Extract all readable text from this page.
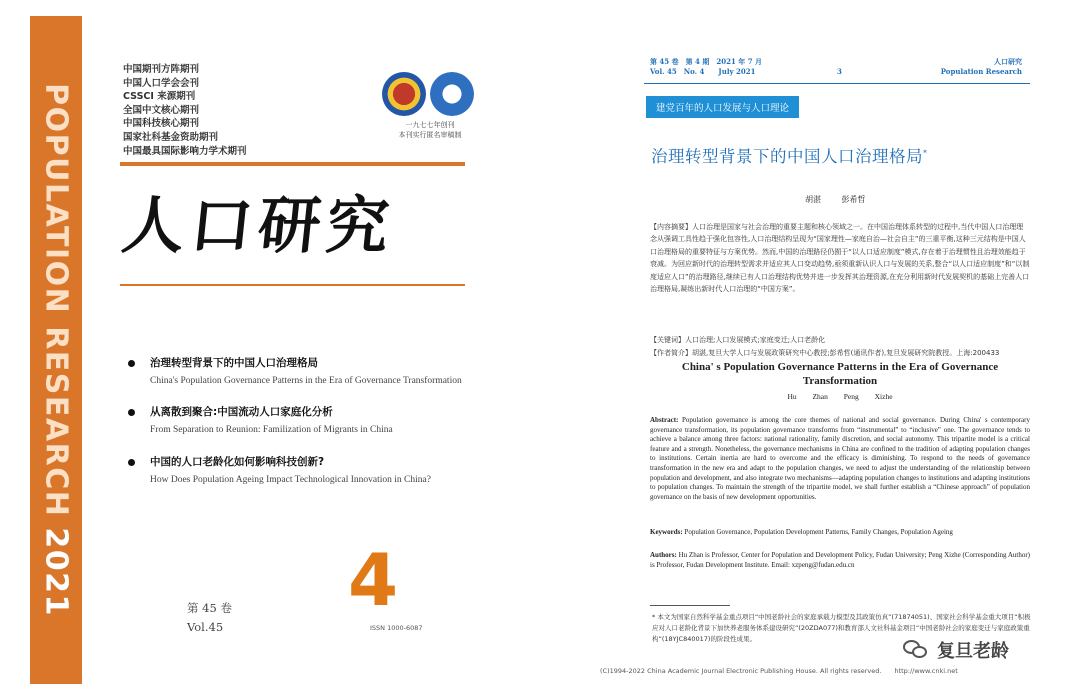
POPULATION RESEARCH2021
中国期刊方阵期刊
中国人口学会会刊
CSSCI 来源期刊
全国中文核心期刊
中国科技核心期刊
国家社科基金资助期刊
中国最具国际影响力学术期刊
一九七七年创刊
本刊实行匿名审稿制
人口研究
治理转型背景下的中国人口治理格局
China's Population Governance Patterns in the Era of Governance Transformation
从离散到聚合:中国流动人口家庭化分析
From Separation to Reunion: Familization of Migrants in China
中国的人口老龄化如何影响科技创新?
How Does Population Ageing Impact Technological Innovation in China?
4
第 45 卷
Vol.45	ISSN 1000-6087
第 45 卷　第 4 期　2021 年 7 月
Vol. 45　No. 4　　July 2021	3
人口研究
Population Research
建党百年的人口发展与人口理论
治理转型背景下的中国人口治理格局*
胡湛 彭希哲
【内容摘要】人口治理是国家与社会治理的重要主题和核心领域之一。在中国治理体系转型的过程中,当代中国人口治理理念从强调工具性趋于强化包容性,人口治理结构呈现为“国家理性—家庭自治—社会自主”的三重平衡,这种三元结构是中国人口治理格局的重要特征与方案优势。然而,中国的治理路径仍囿于“以人口适应制度”模式,存在着于治理惯性且治理效能趋于衰减。为回应新时代的治理转型需求并适应其人口变动趋势,亟须重新认识人口与发展的关系,整合“以人口适应制度”和“以制度适应人口”的治理路径,继续已有人口治理结构优势并进一步发挥其治理资源,在充分利用新时代发展契机的基础上完善人口治理格局,凝练出新时代人口治理的“中国方案”。
【关键词】人口治理;人口发展模式;家庭变迁;人口老龄化
【作者简介】胡湛,复旦大学人口与发展政策研究中心教授;彭希哲(通讯作者),复旦发展研究院教授。上海:200433
China' s Population Governance Patterns in the Era of Governance Transformation
Hu Zhan Peng Xizhe
Abstract: Population governance is among the core themes of national and social governance. During China' s contemporary governance transformation, its population governance transforms from “instrumental” to “inclusive” one. The governance tends to achieve a balance among three factors: national rationality, family discretion, and social autonomy. This tripartite model is a critical feature and a strength. Nonetheless, the governance mechanisms in China are confined to the tradition of adapting population changes to institutions. Certain inertia are hard to overcome and the efficacy is diminishing. To respond to the needs of governance transformation in the new era and adapt to the population changes, we need to adjust the understanding of the relationship between population and development, and also integrate two mechanisms—adapting population changes to institutions and adapting institutions to population changes. To maintain the strength of the tripartite model, we shall further establish a “Chinese approach” of population governance on the basis of new development opportunities.
Keywords: Population Governance, Population Development Patterns, Family Changes, Population Ageing
Authors: Hu Zhan is Professor, Center for Population and Development Policy, Fudan University; Peng Xizhe (Corresponding Author) is Professor, Fudan Development Institute. Email: xzpeng@fudan.edu.cn
* 本文为国家自然科学基金重点项目“中国老龄社会的家庭承载力模型及其政策仿真”(71874051)、国家社会科学基金重大项目“积极应对人口老龄化背景下加快养老服务体系建设研究”(20ZDA077)和教育部人文社科基金项目“中国老龄社会的家庭变迁与家庭政策重构”(18YJC840017)的阶段性成果。
(C)1994-2022 China Academic Journal Electronic Publishing House. All rights reserved.　　http://www.cnki.net
复旦老龄
